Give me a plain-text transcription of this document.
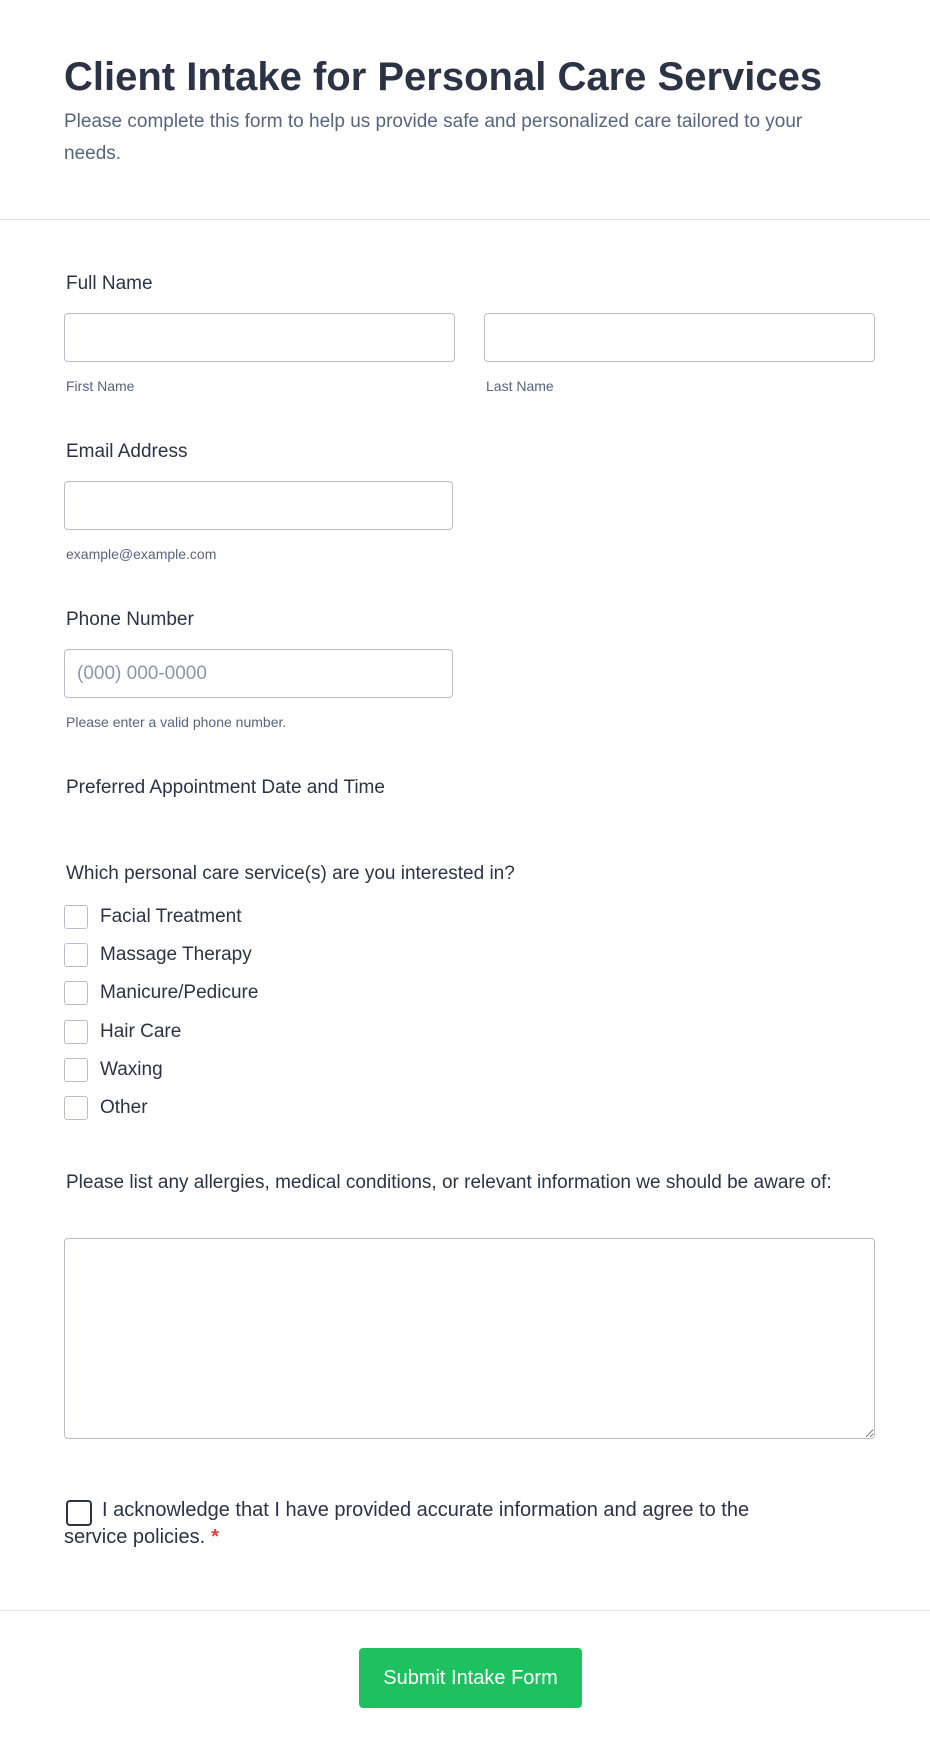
Client Intake for Personal Care Services
Please complete this form to help us provide safe and personalized care tailored to your needs.
Full Name
First Name	Last Name
Email Address
example@example.com
Phone Number
(000) 000-0000
Please enter a valid phone number.
Preferred Appointment Date and Time
Which personal care service(s) are you interested in?
Facial Treatment
Massage Therapy
Manicure/Pedicure
Hair Care
Waxing
Other
Please list any allergies, medical conditions, or relevant information we should be aware of:
I acknowledge that I have provided accurate information and agree to the service policies. *
Submit Intake Form
